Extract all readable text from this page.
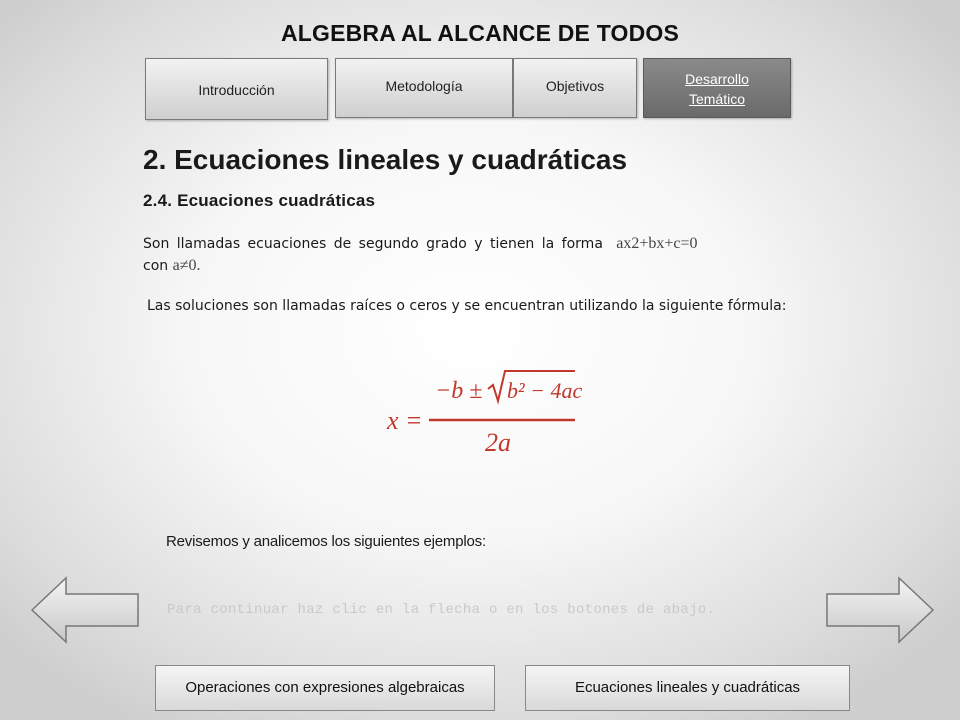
ALGEBRA AL ALCANCE DE TODOS
Introducción	Metodología	Objetivos	Desarrollo
Temático
2. Ecuaciones lineales y cuadráticas
2.4. Ecuaciones cuadráticas
Son llamadas ecuaciones de segundo grado y tienen la forma ax2+bx+c=0
con a≠0.
Las soluciones son llamadas raíces o ceros y se encuentran utilizando la siguiente fórmula:
x =
−b ± b² − 4ac
2a
Revisemos y analicemos los siguientes ejemplos:
Para continuar haz clic en la flecha o en los botones de abajo.
Operaciones con expresiones algebraicas	Ecuaciones lineales y cuadráticas
